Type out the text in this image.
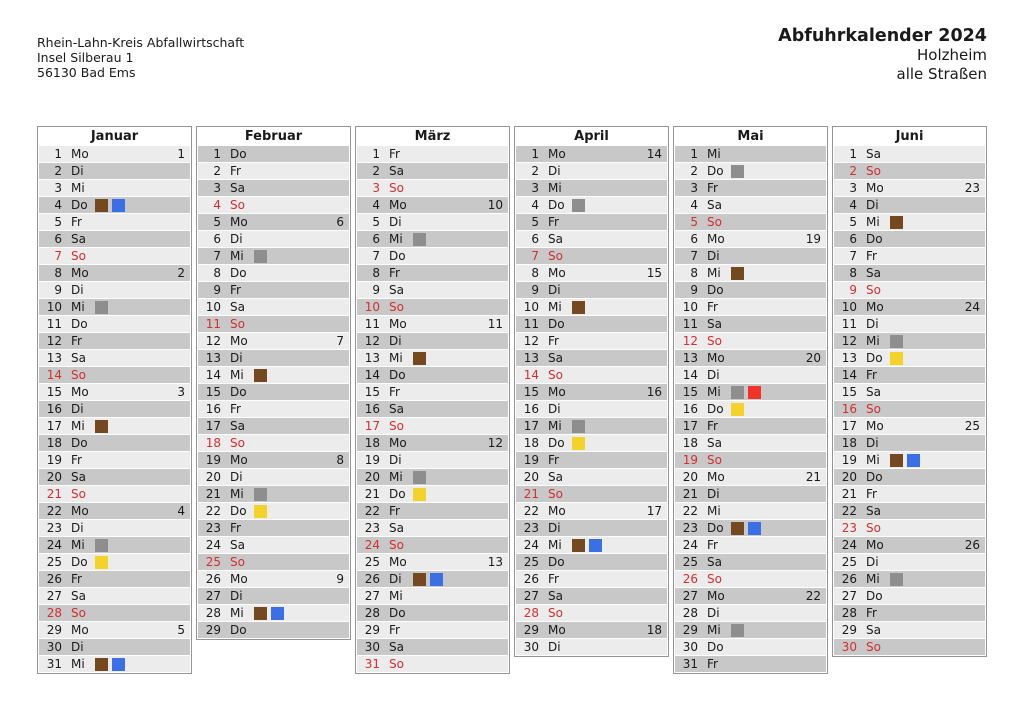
Rhein-Lahn-Kreis Abfallwirtschaft
Insel Silberau 1
56130 Bad Ems
Abfuhrkalender 2024
Holzheim
alle Straßen
Januar
1 Mo	1
2 Di
3 Mi
4 Do
5 Fr
6 Sa
7 So
8 Mo	2
9 Di
10 Mi
11 Do
12 Fr
13 Sa
14 So
15 Mo	3
16 Di
17 Mi
18 Do
19 Fr
20 Sa
21 So
22 Mo	4
23 Di
24 Mi
25 Do
26 Fr
27 Sa
28 So
29 Mo	5
30 Di
31 Mi
Februar
1 Do
2 Fr
3 Sa
4 So
5 Mo	6
6 Di
7 Mi
8 Do
9 Fr
10 Sa
11 So
12 Mo	7
13 Di
14 Mi
15 Do
16 Fr
17 Sa
18 So
19 Mo	8
20 Di
21 Mi
22 Do
23 Fr
24 Sa
25 So
26 Mo	9
27 Di
28 Mi
29 Do
März
1 Fr
2 Sa
3 So
4 Mo	10
5 Di
6 Mi
7 Do
8 Fr
9 Sa
10 So
11 Mo	11
12 Di
13 Mi
14 Do
15 Fr
16 Sa
17 So
18 Mo	12
19 Di
20 Mi
21 Do
22 Fr
23 Sa
24 So
25 Mo	13
26 Di
27 Mi
28 Do
29 Fr
30 Sa
31 So
April
1 Mo	14
2 Di
3 Mi
4 Do
5 Fr
6 Sa
7 So
8 Mo	15
9 Di
10 Mi
11 Do
12 Fr
13 Sa
14 So
15 Mo	16
16 Di
17 Mi
18 Do
19 Fr
20 Sa
21 So
22 Mo	17
23 Di
24 Mi
25 Do
26 Fr
27 Sa
28 So
29 Mo	18
30 Di
Mai
1 Mi
2 Do
3 Fr
4 Sa
5 So
6 Mo	19
7 Di
8 Mi
9 Do
10 Fr
11 Sa
12 So
13 Mo	20
14 Di
15 Mi
16 Do
17 Fr
18 Sa
19 So
20 Mo	21
21 Di
22 Mi
23 Do
24 Fr
25 Sa
26 So
27 Mo	22
28 Di
29 Mi
30 Do
31 Fr
Juni
1 Sa
2 So
3 Mo	23
4 Di
5 Mi
6 Do
7 Fr
8 Sa
9 So
10 Mo	24
11 Di
12 Mi
13 Do
14 Fr
15 Sa
16 So
17 Mo	25
18 Di
19 Mi
20 Do
21 Fr
22 Sa
23 So
24 Mo	26
25 Di
26 Mi
27 Do
28 Fr
29 Sa
30 So
